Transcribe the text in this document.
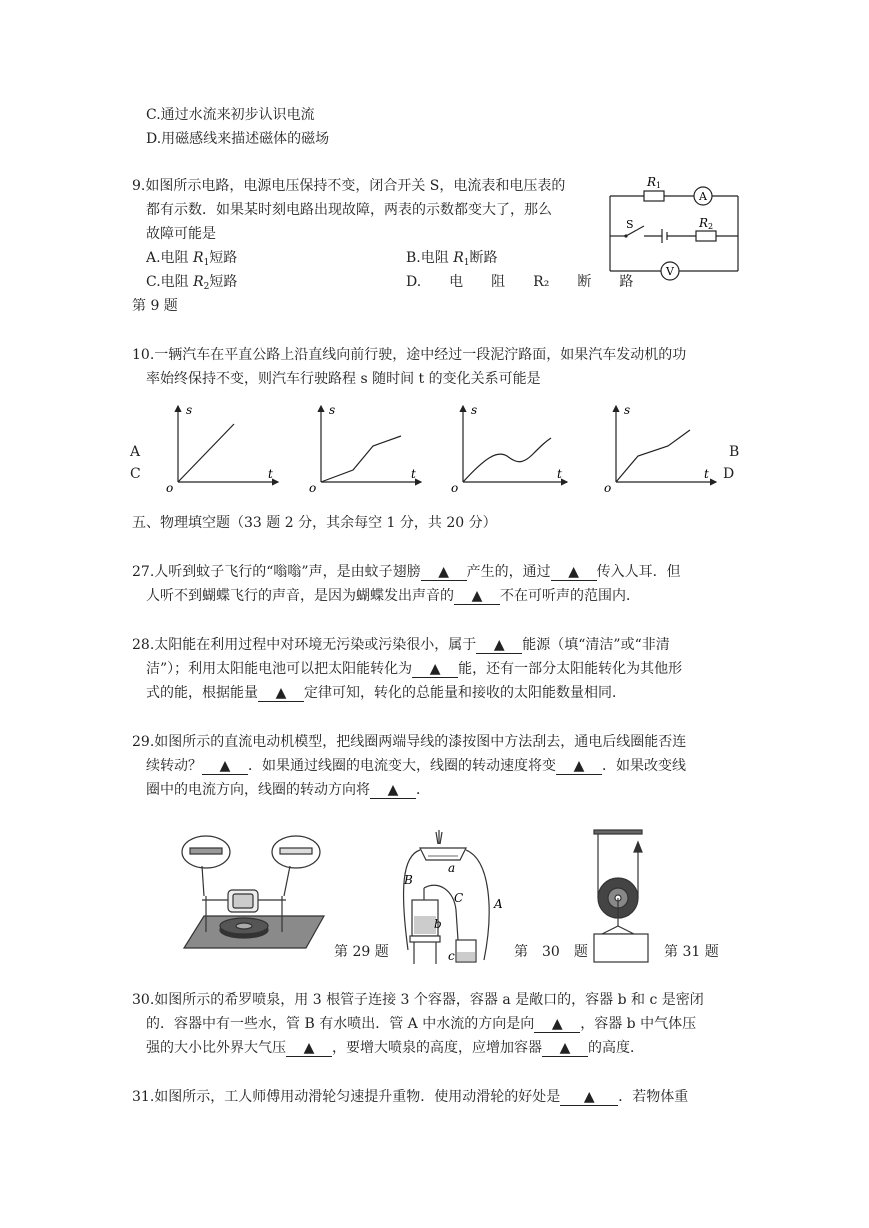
C.通过水流来初步认识电流
D.用磁感线来描述磁体的磁场
9.如图所示电路，电源电压保持不变，闭合开关 S，电流表和电压表的
都有示数．如果某时刻电路出现故障，两表的示数都变大了，那么
故障可能是
A.电阻 $R_1$短路	B.电阻 $R_1$断路
C.电阻 $R_2$短路	D.　　电　　阻　　R₂　　断　　路
第 9 题
A
V
R 1
R 2
S
10.一辆汽车在平直公路上沿直线向前行驶，途中经过一段泥泞路面，如果汽车发动机的功
率始终保持不变，则汽车行驶路程 s 随时间 t 的变化关系可能是
A
C
B
D
s
t
o
s
t
o
s
t
o
s
t
o
五、物理填空题（33 题 2 分，其余每空 1 分，共 20 分）
27.人听到蚊子飞行的“嗡嗡”声，是由蚊子翅膀 ▲ 产生的，通过 ▲ 传入人耳．但
人听不到蝴蝶飞行的声音，是因为蝴蝶发出声音的 ▲ 不在可听声的范围内．
28.太阳能在利用过程中对环境无污染或污染很小，属于 ▲ 能源（填“清洁”或“非清
洁”）；利用太阳能电池可以把太阳能转化为 ▲ 能，还有一部分太阳能转化为其他形
式的能，根据能量 ▲ 定律可知，转化的总能量和接收的太阳能数量相同．
29.如图所示的直流电动机模型，把线圈两端导线的漆按图中方法刮去，通电后线圈能否连
续转动？ ▲ ．如果通过线圈的电流变大，线圈的转动速度将变 ▲ ．如果改变线
圈中的电流方向，线圈的转动方向将 ▲ ．
第 29 题
a
b
c
A
B
C
第　30　题	第 31 题
30.如图所示的希罗喷泉，用 3 根管子连接 3 个容器，容器 a 是敞口的，容器 b 和 c 是密闭
的．容器中有一些水，管 B 有水喷出．管 A 中水流的方向是向 ▲ ，容器 b 中气体压
强的大小比外界大气压 ▲ ，要增大喷泉的高度，应增加容器 ▲ 的高度．
31.如图所示，工人师傅用动滑轮匀速提升重物．使用动滑轮的好处是 ▲ ．若物体重
